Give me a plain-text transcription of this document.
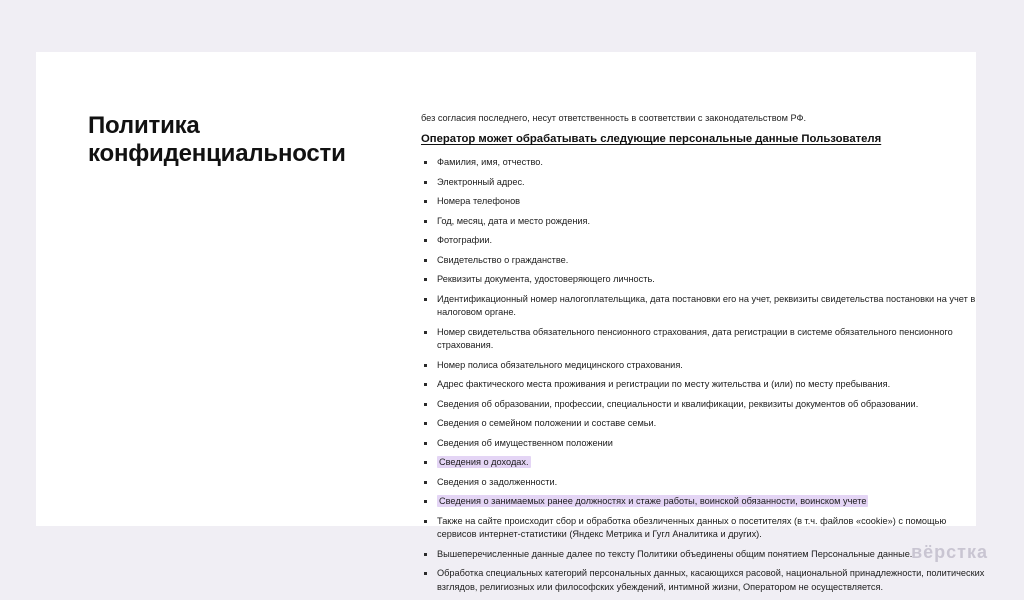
Политика
конфиденциальности

без согласия последнего, несут ответственность в соответствии с законодательством РФ.

Оператор может обрабатывать следующие персональные данные Пользователя

Фамилия, имя, отчество.
Электронный адрес.
Номера телефонов
Год, месяц, дата и место рождения.
Фотографии.
Свидетельство о гражданстве.
Реквизиты документа, удостоверяющего личность.
Идентификационный номер налогоплательщика, дата постановки его на учет, реквизиты свидетельства постановки на учет в налоговом органе.
Номер свидетельства обязательного пенсионного страхования, дата регистрации в системе обязательного пенсионного страхования.
Номер полиса обязательного медицинского страхования.
Адрес фактического места проживания и регистрации по месту жительства и (или) по месту пребывания.
Сведения об образовании, профессии, специальности и квалификации, реквизиты документов об образовании.
Сведения о семейном положении и составе семьи.
Сведения об имущественном положении
Сведения о доходах.
Сведения о задолженности.
Сведения о занимаемых ранее должностях и стаже работы, воинской обязанности, воинском учете
Также на сайте происходит сбор и обработка обезличенных данных о посетителях (в т.ч. файлов «cookie») с помощью сервисов интернет-статистики (Яндекс Метрика и Гугл Аналитика и других).
Вышеперечисленные данные далее по тексту Политики объединены общим понятием Персональные данные.
Обработка специальных категорий персональных данных, касающихся расовой, национальной принадлежности, политических взглядов, религиозных или философских убеждений, интимной жизни, Оператором не осуществляется.
вёрстка
